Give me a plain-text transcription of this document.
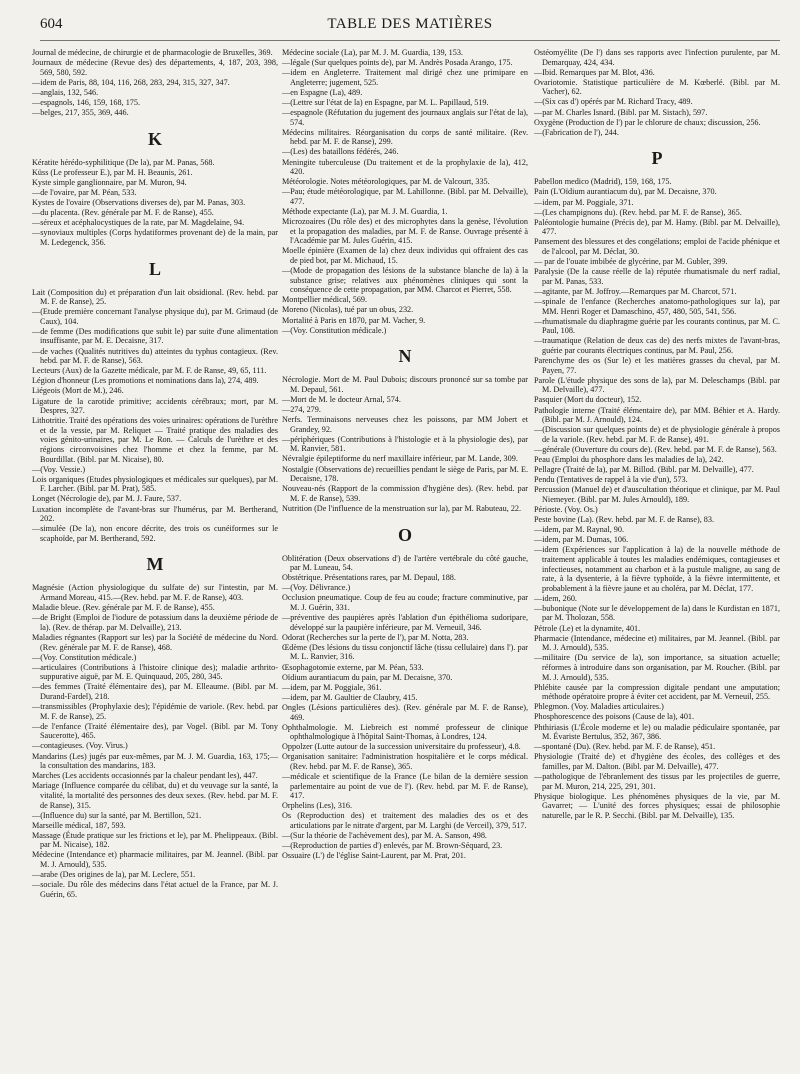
604	TABLE DES MATIÈRES

Journal de médecine, de chirurgie et de pharmacologie de Bruxelles, 369.

Journaux de médecine (Revue des) des départements, 4, 187, 203, 398, 569, 580, 592.

—idem de Paris, 88, 104, 116, 268, 283, 294, 315, 327, 347.

—anglais, 132, 546.

—espagnols, 146, 159, 168, 175.

—belges, 217, 355, 369, 446.

K

Kératite hérédo-syphilitique (De la), par M. Panas, 568.

Küss (Le professeur E.), par M. H. Beaunis, 261.

Kyste simple ganglionnaire, par M. Muron, 94.

—de l'ovaire, par M. Péan, 533.

Kystes de l'ovaire (Observations diverses de), par M. Panas, 303.

—du placenta. (Rev. générale par M. F. de Ranse), 455.

—séreux et acéphalocystiques de la rate, par M. Magdelaine, 94.

—synoviaux multiples (Corps hydatiformes provenant de) de la main, par M. Ledegenck, 356.

L

Lait (Composition du) et préparation d'un lait obsidional. (Rev. hebd. par M. F. de Ranse), 25.

—(Etude première concernant l'analyse physique du), par M. Grimaud (de Caux), 104.

—de femme (Des modifications que subit le) par suite d'une alimentation insuffisante, par M. E. Decaisne, 317.

—de vaches (Qualités nutritives du) atteintes du typhus contagieux. (Rev. hebd. par M. F. de Ranse), 563.

Lecteurs (Aux) de la Gazette médicale, par M. F. de Ranse, 49, 65, 111.

Légion d'honneur (Les promotions et nominations dans la), 274, 489.

Liégeois (Mort de M.), 246.

Ligature de la carotide primitive; accidents cérébraux; mort, par M. Despres, 327.

Lithotritie. Traité des opérations des voies urinaires: opérations de l'urèthre et de la vessie, par M. Reliquet — Traité pratique des maladies des voies génito-urinaires, par M. Le Ron. — Calculs de l'urèthre et des régions circonvoisines chez l'homme et chez la femme, par M. Bourdillat. (Bibl. par M. Nicaise), 80.

—(Voy. Vessie.)

Lois organiques (Etudes physiologiques et médicales sur quelques), par M. F. Larcher. (Bibl. par M. Prat), 585.

Longet (Nécrologie de), par M. J. Faure, 537.

Luxation incomplète de l'avant-bras sur l'humérus, par M. Bertherand, 202.

—simulée (De la), non encore décrite, des trois os cunéiformes sur le scaphoïde, par M. Bertherand, 592.

M

Magnésie (Action physiologique du sulfate de) sur l'intestin, par M. Armand Moreau, 415.—(Rev. hebd. par M. F. de Ranse), 403.

Maladie bleue. (Rev. générale par M. F. de Ranse), 455.

—de Bright (Emploi de l'iodure de potassium dans la deuxième période de la). (Rev. de thérap. par M. Delvaille), 213.

Maladies régnantes (Rapport sur les) par la Société de médecine du Nord. (Rev. générale par M. F. de Ranse), 468.

—(Voy. Constitution médicale.)

—articulaires (Contributions à l'histoire clinique des); maladie arthrito-suppurative aiguë, par M. E. Quinquaud, 205, 280, 345.

—des femmes (Traité élémentaire des), par M. Elleaume. (Bibl. par M. Durand-Fardel), 218.

—transmissibles (Prophylaxie des); l'épidémie de variole. (Rev. hebd. par M. F. de Ranse), 25.

—de l'enfance (Traité élémentaire des), par Vogel. (Bibl. par M. Tony Saucerotte), 465.

—contagieuses. (Voy. Virus.)

Mandarins (Les) jugés par eux-mêmes, par M. J. M. Guardia, 163, 175;—la consultation des mandarins, 183.

Marches (Les accidents occasionnés par la chaleur pendant les), 447.

Mariage (Influence comparée du célibat, du) et du veuvage sur la santé, la vitalité, la mortalité des personnes des deux sexes. (Rev. hebd. par M. F. de Ranse), 315.

—(Influence du) sur la santé, par M. Bertillon, 521.

Marseille médical, 187, 593.

Massage (Étude pratique sur les frictions et le), par M. Phelippeaux. (Bibl. par M. Nicaise), 182.

Médecine (Intendance et) pharmacie militaires, par M. Jeannel. (Bibl. par M. J. Arnould), 535.

—arabe (Des origines de la), par M. Leclere, 551.

—sociale. Du rôle des médecins dans l'état actuel de la France, par M. J. Guérin, 65.

Médecine sociale (La), par M. J. M. Guardia, 139, 153.

—légale (Sur quelques points de), par M. Andrès Posada Arango, 175.

—idem en Angleterre. Traitement mal dirigé chez une primipare en Angleterre; jugement, 525.

—en Espagne (La), 489.

—(Lettre sur l'état de la) en Espagne, par M. L. Papillaud, 519.

—espagnole (Réfutation du jugement des journaux anglais sur l'état de la), 574.

Médecins militaires. Réorganisation du corps de santé militaire. (Rev. hebd. par M. F. de Ranse), 299.

—(Les) des bataillons fédérés, 246.

Meningite tuberculeuse (Du traitement et de la prophylaxie de la), 412, 420.

Météorologie. Notes météorologiques, par M. de Valcourt, 335.

—Pau; étude météorologique, par M. Lahillonne. (Bibl. par M. Delvaille), 477.

Méthode expectante (La), par M. J. M. Guardia, 1.

Microzoaires (Du rôle des) et des microphytes dans la genèse, l'évolution et la propagation des maladies, par M. F. de Ranse. Ouvrage présenté à l'Académie par M. Jules Guérin, 415.

Moelle épinière (Examen de la) chez deux individus qui offraient des cas de pied bot, par M. Michaud, 15.

—(Mode de propagation des lésions de la substance blanche de la) à la substance grise; relatives aux phénomènes cliniques qui sont la conséquence de cette propagation, par MM. Charcot et Pierret, 558.

Montpellier médical, 569.

Moreno (Nicolas), tué par un obus, 232.

Mortalité à Paris en 1870, par M. Vacher, 9.

—(Voy. Constitution médicale.)

N

Nécrologie. Mort de M. Paul Dubois; discours prononcé sur sa tombe par M. Depaul, 561.

—Mort de M. le docteur Arnal, 574.

—274, 279.

Nerfs. Terminaisons nerveuses chez les poissons, par MM Jobert et Grandey, 92.

—périphériques (Contributions à l'histologie et à la physiologie des), par M. Ranvier, 581.

Névralgie épileptiforme du nerf maxillaire inférieur, par M. Lande, 309.

Nostalgie (Observations de) recueillies pendant le siège de Paris, par M. E. Decaisne, 178.

Nouveau-nés (Rapport de la commission d'hygiène des). (Rev. hebd. par M. F. de Ranse), 539.

Nutrition (De l'influence de la menstruation sur la), par M. Rabuteau, 22.

O

Oblitération (Deux observations d') de l'artère vertébrale du côté gauche, par M. Luneau, 54.

Obstétrique. Présentations rares, par M. Depaul, 188.

—(Voy. Délivrance.)

Occlusion pneumatique. Coup de feu au coude; fracture comminutive, par M. J. Guérin, 331.

—préventive des paupières après l'ablation d'un épithélioma sudoripare, développé sur la paupière inférieure, par M. Verneuil, 346.

Odorat (Recherches sur la perte de l'), par M. Notta, 283.

Œdème (Des lésions du tissu conjonctif lâche (tissu cellulaire) dans l'). par M. L. Ranvier, 316.

Œsophagotomie externe, par M. Péan, 533.

Oïdium aurantiacum du pain, par M. Decaisne, 370.

—idem, par M. Poggiale, 361.

—idem, par M. Gaultier de Claubry, 415.

Ongles (Lésions particulières des). (Rev. générale par M. F. de Ranse), 469.

Ophthalmologie. M. Liebreich est nommé professeur de clinique ophthalmologique à l'hôpital Saint-Thomas, à Londres, 124.

Oppolzer (Lutte autour de la succession universitaire du professeur), 4.8.

Organisation sanitaire: l'administration hospitalière et le corps médical. (Rev. hebd. par M. F. de Ranse), 365.

—médicale et scientifique de la France (Le bilan de la dernière session parlementaire au point de vue de l'). (Rev. hebd. par M. F. de Ranse), 417.

Orphelins (Les), 316.

Os (Reproduction des) et traitement des maladies des os et des articulations par le nitrate d'argent, par M. Larghi (de Verceil), 379, 517.

—(Sur la théorie de l'achèvement des), par M. A. Sanson, 498.

—(Reproduction de parties d') enlevés, par M. Brown-Séquard, 23.

Ossuaire (L') de l'église Saint-Laurent, par M. Prat, 201.

Ostéomyélite (De l') dans ses rapports avec l'infection purulente, par M. Demarquay, 424, 434.

—Ibid. Remarques par M. Blot, 436.

Ovariotomie. Statistique particulière de M. Kœberlé. (Bibl. par M. Vacher), 62.

—(Six cas d') opérés par M. Richard Tracy, 489.

—par M. Charles Isnard. (Bibl. par M. Sistach), 597.

Oxygène (Production de l') par le chlorure de chaux; discussion, 256.

—(Fabrication de l'), 244.

P

Pabellon medico (Madrid), 159, 168, 175.

Pain (L'Oïdium aurantiacum du), par M. Decaisne, 370.

—idem, par M. Poggiale, 371.

—(Les champignons du). (Rev. hebd. par M. F. de Ranse), 365.

Paléontologie humaine (Précis de), par M. Hamy. (Bibl. par M. Delvaille), 477.

Pansement des blessures et des congélations; emploi de l'acide phénique et de l'alcool, par M. Déclat, 30.

— par de l'ouate imbibée de glycérine, par M. Gubler, 399.

Paralysie (De la cause réelle de la) réputée rhumatismale du nerf radial, par M. Panas, 533.

—agitante, par M. Joffroy.—Remarques par M. Charcot, 571.

—spinale de l'enfance (Recherches anatomo-pathologiques sur la), par MM. Henri Roger et Damaschino, 457, 480, 505, 541, 556.

—rhumatismale du diaphragme guérie par les courants continus, par M. C. Paul, 108.

—traumatique (Relation de deux cas de) des nerfs mixtes de l'avant-bras, guérie par courants électriques continus, par M. Paul, 256.

Parenchyme des os (Sur le) et les matières grasses du cheval, par M. Payen, 77.

Parole (L'étude physique des sons de la), par M. Deleschamps (Bibl. par M. Delvaille), 477.

Pasquier (Mort du docteur), 152.

Pathologie interne (Traité élémentaire de), par MM. Béhier et A. Hardy. (Bibl. par M. J. Arnould), 124.

—(Discussion sur quelques points de) et de physiologie générale à propos de la variole. (Rev. hebd. par M. F. de Ranse), 491.

—générale (Ouverture du cours de). (Rev. hebd. par M. F. de Ranse), 563.

Peau (Emploi du phosphore dans les maladies de la), 242.

Pellagre (Traité de la), par M. Billod. (Bibl. par M. Delvaille), 477.

Pendu (Tentatives de rappel à la vie d'un), 573.

Percussion (Manuel de) et d'auscultation théorique et clinique, par M. Paul Niemeyer. (Bibl. par M. Jules Arnould), 189.

Périoste. (Voy. Os.)

Peste bovine (La). (Rev. hebd. par M. F. de Ranse), 83.

—idem, par M. Raynal, 90.

—idem, par M. Dumas, 106.

—idem (Expériences sur l'application à la) de la nouvelle méthode de traitement applicable à toutes les maladies endémiques, contagieuses et infectieuses, notamment au charbon et à la pustule maligne, au sang de rate, à la dysenterie, à la fièvre typhoïde, à la fièvre intermittente, et probablement à la fièvre jaune et au choléra, par M. Déclat, 177.

—idem, 260.

—bubonique (Note sur le développement de la) dans le Kurdistan en 1871, par M. Tholozan, 558.

Pétrole (Le) et la dynamite, 401.

Pharmacie (Intendance, médecine et) militaires, par M. Jeannel. (Bibl. par M. J. Arnould), 535.

—militaire (Du service de la), son importance, sa situation actuelle; réformes à introduire dans son organisation, par M. Roucher. (Bibl. par M. J. Arnould), 535.

Phlébite causée par la compression digitale pendant une amputation; méthode opératoire propre à éviter cet accident, par M. Verneuil, 255.

Phlegmon. (Voy. Maladies articulaires.)

Phosphorescence des poisons (Cause de la), 401.

Phthiriasis (L'École moderne et le) ou maladie pédiculaire spontanée, par M. Évariste Bertulus, 352, 367, 386.

—spontané (Du). (Rev. hebd. par M. F. de Ranse), 451.

Physiologie (Traité de) et d'hygiène des écoles, des collèges et des familles, par M. Dalton. (Bibl. par M. Delvaille), 477.

—pathologique de l'ébranlement des tissus par les projectiles de guerre, par M. Muron, 214, 225, 291, 301.

Physique biologique. Les phénomènes physiques de la vie, par M. Gavarret; — L'unité des forces physiques; essai de philosophie naturelle, par le R. P. Secchi. (Bibl. par M. Delvaille), 135.
